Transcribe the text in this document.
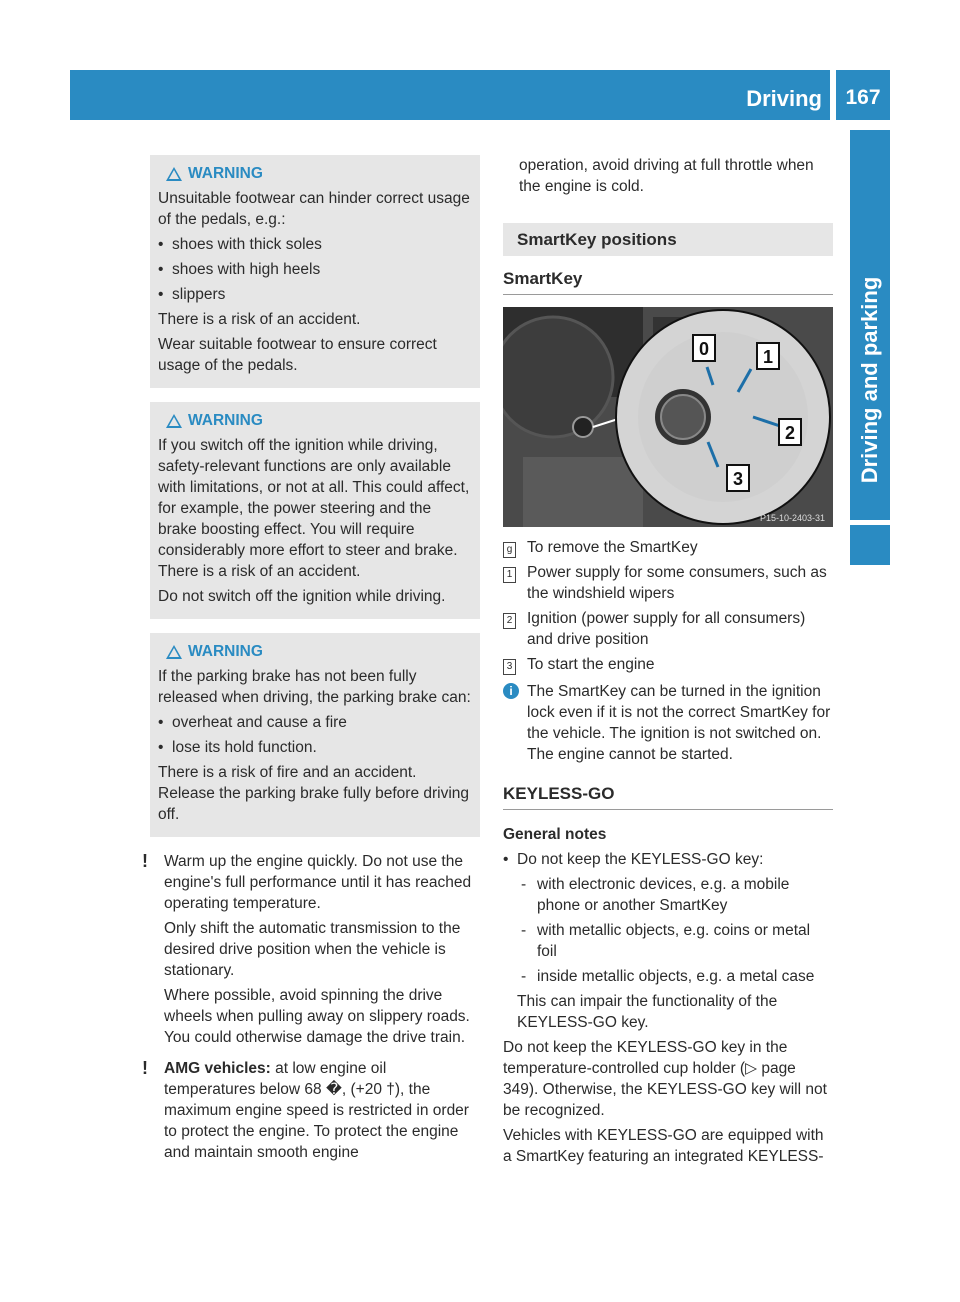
Driving	167
Driving and parking
WARNING

Unsuitable footwear can hinder correct usage of the pedals, e.g.:

• shoes with thick soles
• shoes with high heels
• slippers

There is a risk of an accident.

Wear suitable footwear to ensure correct usage of the pedals.

WARNING

If you switch off the ignition while driving, safety-relevant functions are only available with limitations, or not at all. This could affect, for example, the power steering and the brake boosting effect. You will require considerably more effort to steer and brake. There is a risk of an accident.

Do not switch off the ignition while driving.

WARNING

If the parking brake has not been fully released when driving, the parking brake can:

• overheat and cause a fire
• lose its hold function.

There is a risk of fire and an accident. Release the parking brake fully before driving off.

!	Warm up the engine quickly. Do not use the engine's full performance until it has reached operating temperature.

Only shift the automatic transmission to the desired drive position when the vehicle is stationary.

Where possible, avoid spinning the drive wheels when pulling away on slippery roads. You could otherwise damage the drive train.

!	AMG vehicles: at low engine oil temperatures below 68 �, (+20 †), the maximum engine speed is restricted in order to protect the engine. To protect the engine and maintain smooth engine

operation, avoid driving at full throttle when the engine is cold.

SmartKey positions
SmartKey
0	1
2
3
P15-10-2403-31
g To remove the SmartKey
1 Power supply for some consumers, such as the windshield wipers
2 Ignition (power supply for all consumers) and drive position
3 To start the engine
i The SmartKey can be turned in the ignition lock even if it is not the correct SmartKey for the vehicle. The ignition is not switched on. The engine cannot be started.
KEYLESS-GO

General notes

• Do not keep the KEYLESS-GO key:
- with electronic devices, e.g. a mobile phone or another SmartKey
- with metallic objects, e.g. coins or metal foil
- inside metallic objects, e.g. a metal case

This can impair the functionality of the KEYLESS-GO key.

Do not keep the KEYLESS-GO key in the temperature-controlled cup holder (▷ page 349). Otherwise, the KEYLESS-GO key will not be recognized.

Vehicles with KEYLESS-GO are equipped with a SmartKey featuring an integrated KEYLESS-
